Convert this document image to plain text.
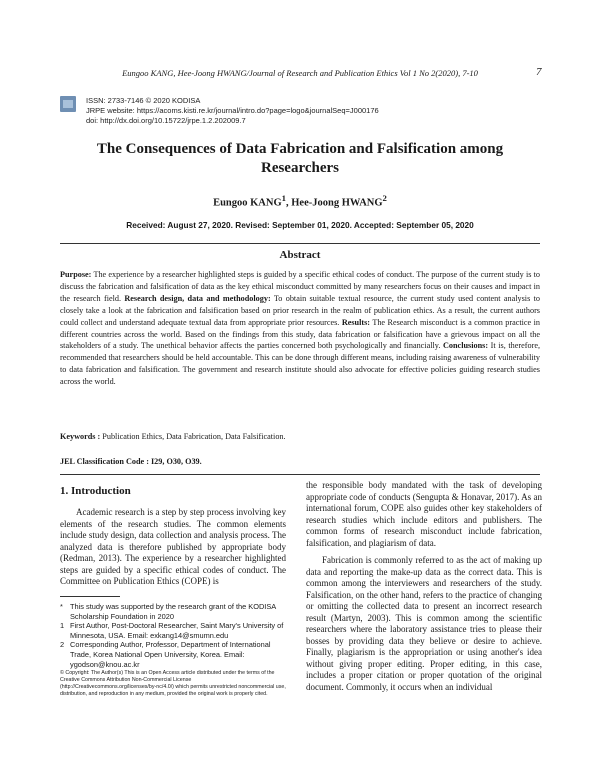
Eungoo KANG, Hee-Joong HWANG/Journal of Research and Publication Ethics Vol 1 No 2(2020), 7-10	7
ISSN: 2733-7146 © 2020 KODISA
JRPE website: https://acoms.kisti.re.kr/journal/intro.do?page=logo&journalSeq=J000176
doi: http://dx.doi.org/10.15722/jrpe.1.2.202009.7
The Consequences of Data Fabrication and Falsification among
Researchers
Eungoo KANG$^1$, Hee-Joong HWANG$^2$
Received: August 27, 2020. Revised: September 01, 2020. Accepted: September 05, 2020
Abstract
Purpose: The experience by a researcher highlighted steps is guided by a specific ethical codes of conduct. The purpose of the current study is to discuss the fabrication and falsification of data as the key ethical misconduct committed by many researchers focus on their causes and impact in the research field. Research design, data and methodology: To obtain suitable textual resource, the current study used content analysis to closely take a look at the fabrication and falsification based on prior research in the realm of publication ethics. As a result, the current authors could collect and understand adequate textual data from appropriate prior resources. Results: The Research misconduct is a common practice in different countries across the world. Based on the findings from this study, data fabrication or falsification have a grievous impact on all the stakeholders of a study. The unethical behavior affects the parties concerned both psychologically and financially. Conclusions: It is, therefore, recommended that researchers should be held accountable. This can be done through different means, including raising awareness of vulnerability to data fabrication and falsification. The government and research institute should also advocate for effective policies guiding research studies across the world.
Keywords : Publication Ethics, Data Fabrication, Data Falsification.
JEL Classification Code : I29, O30, O39.
1. Introduction

Academic research is a step by step process involving key elements of the research studies. The common elements include study design, data collection and analysis process. The analyzed data is therefore published by appropriate body (Redman, 2013). The experience by a researcher highlighted steps are guided by a specific ethical codes of conduct. The Committee on Publication Ethics (COPE) is

the responsible body mandated with the task of developing appropriate code of conducts (Sengupta & Honavar, 2017). As an international forum, COPE also guides other key stakeholders of research studies which include editors and publishers. The common forms of research misconduct include fabrication, falsification, and plagiarism of data.

Fabrication is commonly referred to as the act of making up data and reporting the make-up data as the correct data. This is common among the interviewers and researchers of the study. Falsification, on the other hand, refers to the practice of changing or omitting the collected data to present an incorrect research result (Martyn, 2003). This is common among the scientific researchers where the laboratory assistance tries to please their bosses by providing data they believe or desire to achieve. Finally, plagiarism is the appropriation or using another's idea without giving proper editing. Proper editing, in this case, includes a proper citation or proper quotation of the original document. Commonly, it occurs when an individual

* This study was supported by the research grant of the KODISA Scholarship Foundation in 2020
1 First Author, Post-Doctoral Researcher, Saint Mary's University of Minnesota, USA. Email: exkang14@smumn.edu
2 Corresponding Author, Professor, Department of International Trade, Korea National Open University, Korea. Email: ygodson@knou.ac.kr
© Copyright: The Author(s) This is an Open Access article distributed under the terms of the Creative Commons Attribution Non-Commercial License (http://Creativecommons.org/licenses/by-nc/4.0/) which permits unrestricted noncommercial use, distribution, and reproduction in any medium, provided the original work is properly cited.
